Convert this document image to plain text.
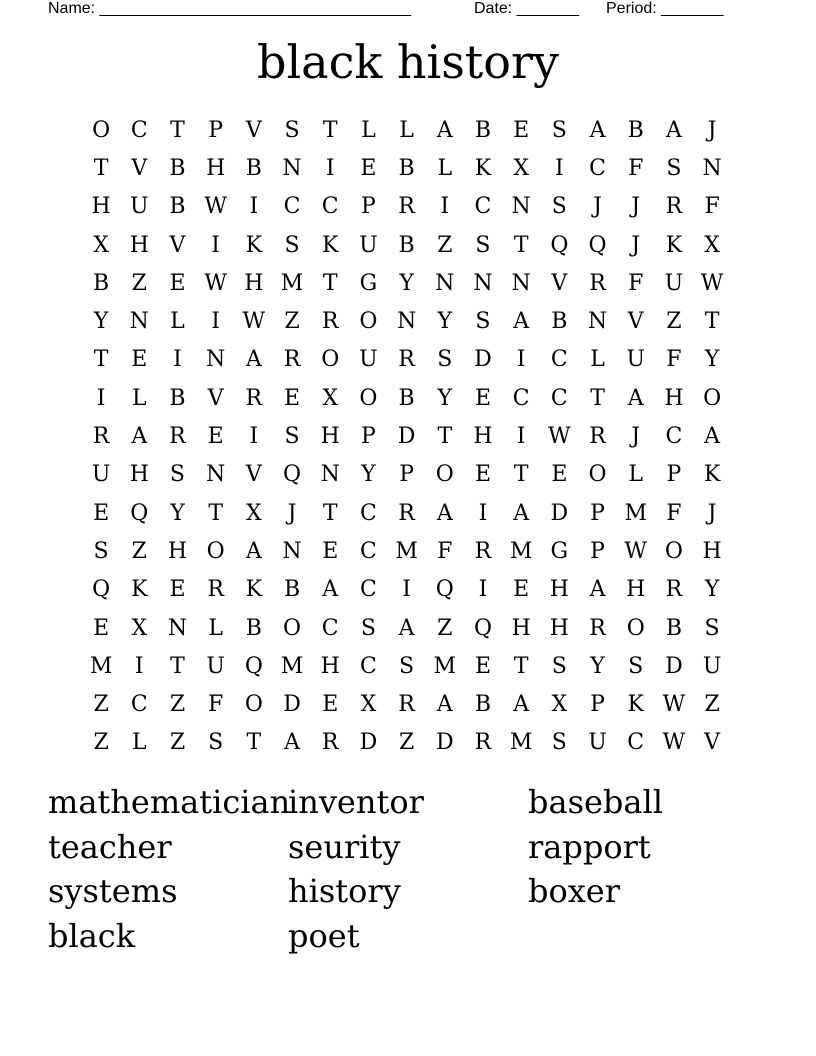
Name: ___________________________________	Date: _______ Period: _______
black history
O C	T	P	V	S	T	L	L	A	B	E	S	A	B	A	J
T	V	B H B N	I	E	B	L	K	X	I	C	F	S N
H U B W	I	C C	P	R	I	C N S	J	J	R	F
X H V	I	K	S	K U B	Z	S	T Q Q	J	K	X
B	Z	E W H M T	G	Y N N N V R	F U W
Y N L	I	W Z	R O N Y	S	A	B N V	Z	T
T	E	I	N A R O U R	S D	I	C	L U F	Y
I	L	B	V R E	X O B	Y	E C C	T	A H O
R A R E	I	S H P D	T H	I	W R	J	C A
U H S N V Q N Y	P O E	T	E O L	P	K
E Q Y	T	X	J	T	C R A	I	A D P M F	J
S	Z H O A N E C M F	R M G	P W O H
Q K E R K B	A C	I	Q	I	E H A H R	Y
E	X N L	B O C	S	A	Z Q H H R O B	S
M	I	T U Q M H C	S M E	T	S	Y	S D U
Z	C	Z	F O D E	X	R A	B	A	X	P	K W Z
Z	L	Z	S	T	A R D Z D R M S U C W V
mathematician
teacher
systems
black
inventor
seurity
history
poet
baseball
rapport
boxer
